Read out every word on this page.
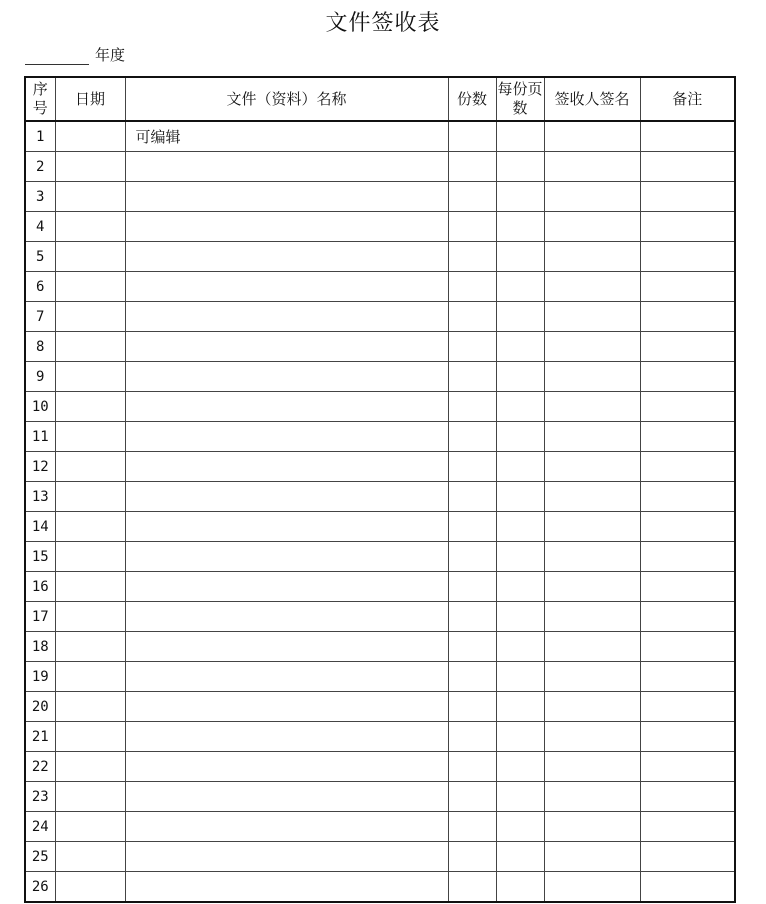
文件签收表
年度
序号	日期	文件（资料）名称	份数	每份页数	签收人签名	备注
1		可编辑				
2						
3						
4						
5						
6						
7						
8						
9						
10						
11						
12						
13						
14						
15						
16						
17						
18						
19						
20						
21						
22						
23						
24						
25						
26						
